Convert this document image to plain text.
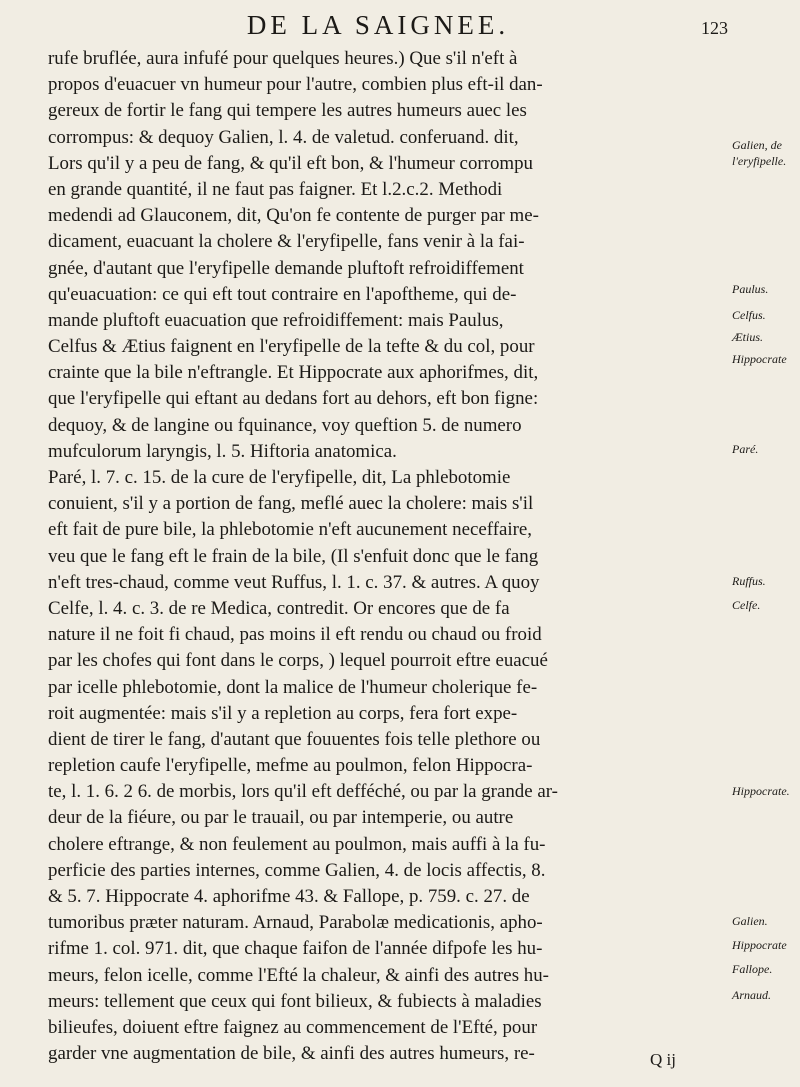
DE LA SAIGNEE.	123
rufe bruflée, aura infufé pour quelques heures.) Que s'il n'eft à
propos d'euacuer vn humeur pour l'autre, combien plus eft-il dan-
gereux de fortir le fang qui tempere les autres humeurs auec les
corrompus: & dequoy Galien, l. 4. de valetud. conferuand. dit,
Lors qu'il y a peu de fang, & qu'il eft bon, & l'humeur corrompu
en grande quantité, il ne faut pas faigner. Et l.2.c.2. Methodi
medendi ad Glauconem, dit, Qu'on fe contente de purger par me-
dicament, euacuant la cholere & l'eryfipelle, fans venir à la fai-
gnée, d'autant que l'eryfipelle demande pluftoft refroidiffement
qu'euacuation: ce qui eft tout contraire en l'apoftheme, qui de-
mande pluftoft euacuation que refroidiffement: mais Paulus,
Celfus & Ætius faignent en l'eryfipelle de la tefte & du col, pour
crainte que la bile n'eftrangle. Et Hippocrate aux aphorifmes, dit,
que l'eryfipelle qui eftant au dedans fort au dehors, eft bon figne:
dequoy, & de langine ou fquinance, voy queftion 5. de numero
mufculorum laryngis, l. 5. Hiftoria anatomica.
Paré, l. 7. c. 15. de la cure de l'eryfipelle, dit, La phlebotomie
conuient, s'il y a portion de fang, meflé auec la cholere: mais s'il
eft fait de pure bile, la phlebotomie n'eft aucunement neceffaire,
veu que le fang eft le frain de la bile, (Il s'enfuit donc que le fang
n'eft tres-chaud, comme veut Ruffus, l. 1. c. 37. & autres. A quoy
Celfe, l. 4. c. 3. de re Medica, contredit. Or encores que de fa
nature il ne foit fi chaud, pas moins il eft rendu ou chaud ou froid
par les chofes qui font dans le corps, ) lequel pourroit eftre euacué
par icelle phlebotomie, dont la malice de l'humeur cholerique fe-
roit augmentée: mais s'il y a repletion au corps, fera fort expe-
dient de tirer le fang, d'autant que fouuentes fois telle plethore ou
repletion caufe l'eryfipelle, mefme au poulmon, felon Hippocra-
te, l. 1. 6. 2 6. de morbis, lors qu'il eft defféché, ou par la grande ar-
deur de la fiéure, ou par le trauail, ou par intemperie, ou autre
cholere eftrange, & non feulement au poulmon, mais auffi à la fu-
perficie des parties internes, comme Galien, 4. de locis affectis, 8.
& 5. 7. Hippocrate 4. aphorifme 43. & Fallope, p. 759. c. 27. de
tumoribus præter naturam. Arnaud, Parabolæ medicationis, apho-
rifme 1. col. 971. dit, que chaque faifon de l'année difpofe les hu-
meurs, felon icelle, comme l'Efté la chaleur, & ainfi des autres hu-
meurs: tellement que ceux qui font bilieux, & fubiects à maladies
bilieufes, doiuent eftre faignez au commencement de l'Efté, pour
garder vne augmentation de bile, & ainfi des autres humeurs, re-
Galien, de
l'eryfipelle.
Paulus.
Celfus.
Ætius.
Hippocrate
Paré.
Ruffus.
Celfe.
Hippocrate.
Galien.
Hippocrate
Fallope.
Arnaud.
Q ij
